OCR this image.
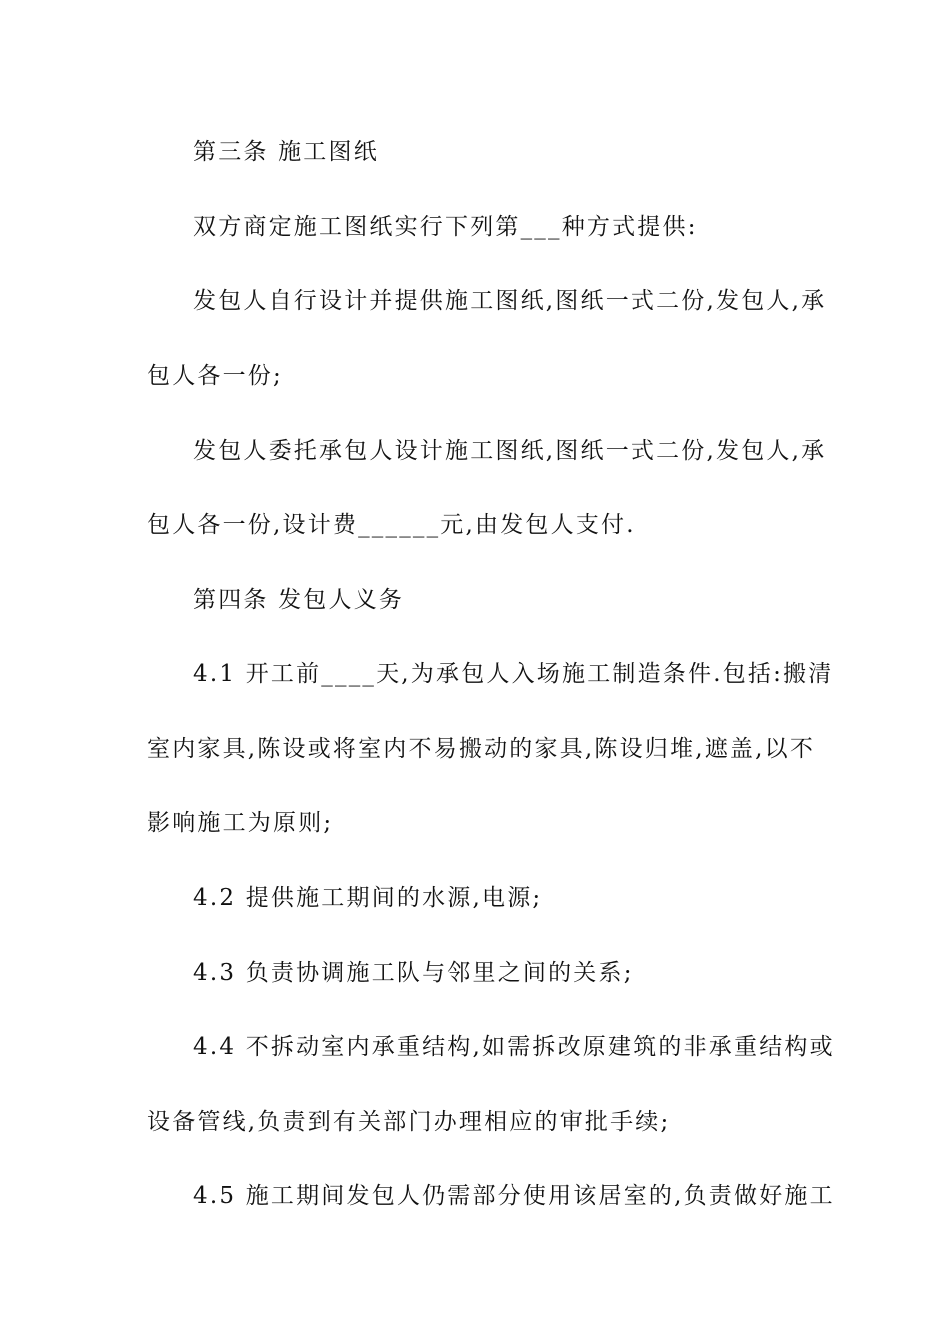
第三条 施工图纸
双方商定施工图纸实行下列第___种方式提供:
发包人自行设计并提供施工图纸,图纸一式二份,发包人,承
包人各一份;
发包人委托承包人设计施工图纸,图纸一式二份,发包人,承
包人各一份,设计费______元,由发包人支付.
第四条 发包人义务
4.1 开工前____天,为承包人入场施工制造条件.包括:搬清
室内家具,陈设或将室内不易搬动的家具,陈设归堆,遮盖,以不
影响施工为原则;
4.2 提供施工期间的水源,电源;
4.3 负责协调施工队与邻里之间的关系;
4.4 不拆动室内承重结构,如需拆改原建筑的非承重结构或
设备管线,负责到有关部门办理相应的审批手续;
4.5 施工期间发包人仍需部分使用该居室的,负责做好施工
